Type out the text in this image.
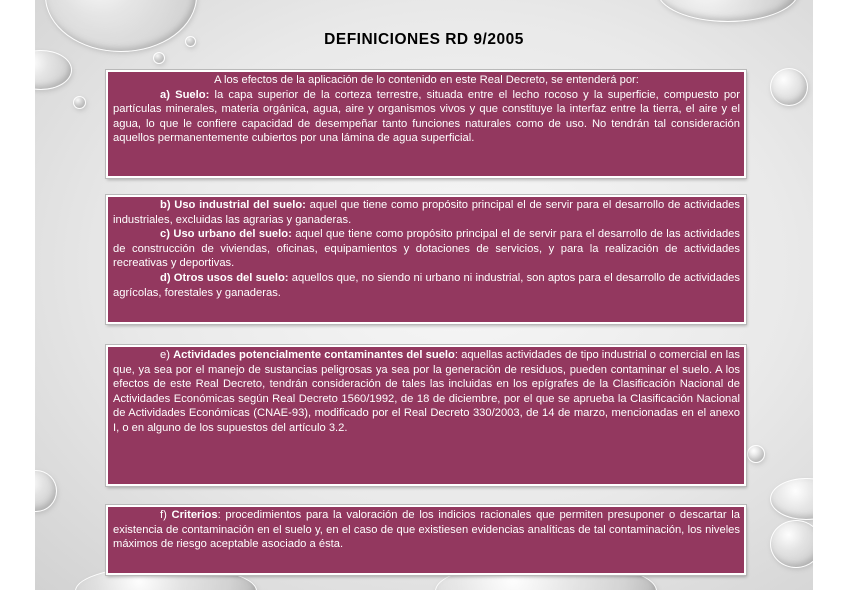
DEFINICIONES RD 9/2005

A los efectos de la aplicación de lo contenido en este Real Decreto, se entenderá por:

a) Suelo: la capa superior de la corteza terrestre, situada entre el lecho rocoso y la superficie, compuesto por partículas minerales, materia orgánica, agua, aire y organismos vivos y que constituye la interfaz entre la tierra, el aire y el agua, lo que le confiere capacidad de desempeñar tanto funciones naturales como de uso. No tendrán tal consideración aquellos permanentemente cubiertos por una lámina de agua superficial.

b) Uso industrial del suelo: aquel que tiene como propósito principal el de servir para el desarrollo de actividades industriales, excluidas las agrarias y ganaderas.

c) Uso urbano del suelo: aquel que tiene como propósito principal el de servir para el desarrollo de las actividades de construcción de viviendas, oficinas, equipamientos y dotaciones de servicios, y para la realización de actividades recreativas y deportivas.

d) Otros usos del suelo: aquellos que, no siendo ni urbano ni industrial, son aptos para el desarrollo de actividades agrícolas, forestales y ganaderas.

e) Actividades potencialmente contaminantes del suelo: aquellas actividades de tipo industrial o comercial en las que, ya sea por el manejo de sustancias peligrosas ya sea por la generación de residuos, pueden contaminar el suelo. A los efectos de este Real Decreto, tendrán consideración de tales las incluidas en los epígrafes de la Clasificación Nacional de Actividades Económicas según Real Decreto 1560/1992, de 18 de diciembre, por el que se aprueba la Clasificación Nacional de Actividades Económicas (CNAE-93), modificado por el Real Decreto 330/2003, de 14 de marzo, mencionadas en el anexo I, o en alguno de los supuestos del artículo 3.2.

f) Criterios: procedimientos para la valoración de los indicios racionales que permiten presuponer o descartar la existencia de contaminación en el suelo y, en el caso de que existiesen evidencias analíticas de tal contaminación, los niveles máximos de riesgo aceptable asociado a ésta.
